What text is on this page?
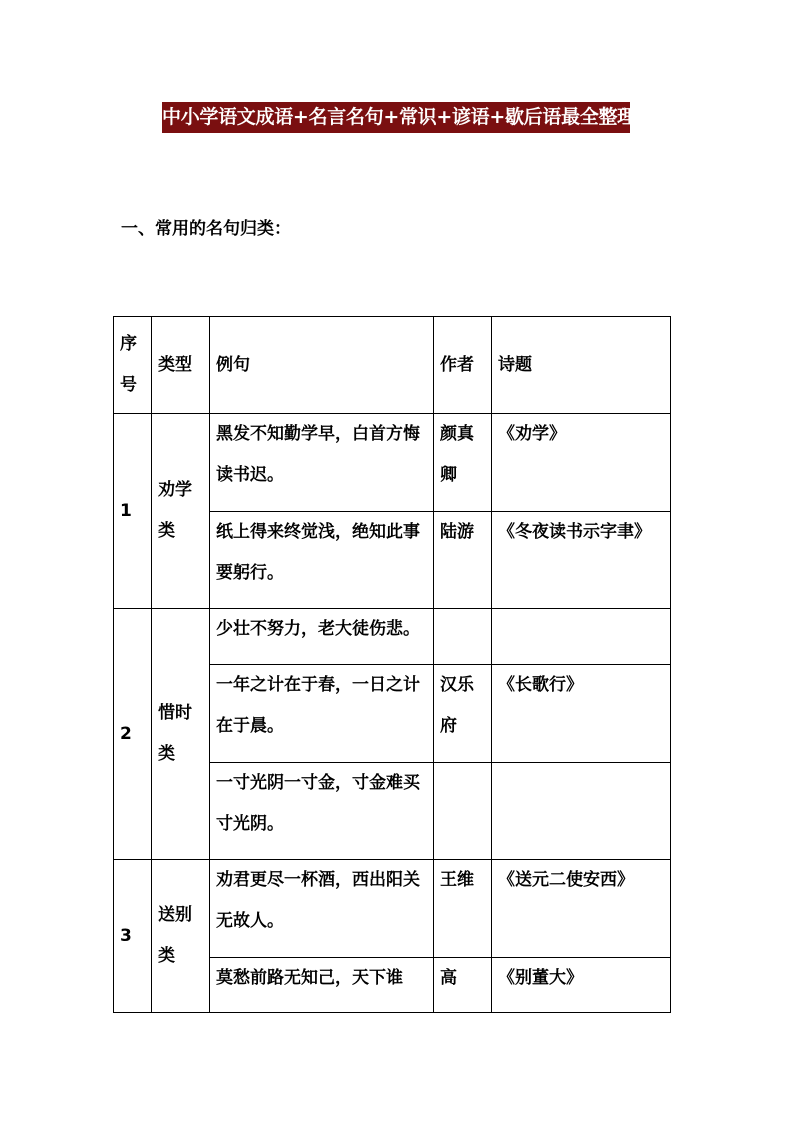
中小学语文成语+名言名句+常识+谚语+歇后语最全整理
一、常用的名句归类：
序号	类型	例句	作者	诗题
1	劝学类	黑发不知勤学早，白首方悔读书迟。	颜真卿	《劝学》
		纸上得来终觉浅，绝知此事要躬行。	陆游	《冬夜读书示字聿》
2	惜时类	少壮不努力，老大徒伤悲。		
		一年之计在于春，一日之计在于晨。	汉乐府	《长歌行》
		一寸光阴一寸金，寸金难买寸光阴。		
3	送别类	劝君更尽一杯酒，西出阳关无故人。	王维	《送元二使安西》
		莫愁前路无知己，天下谁	高	《别董大》
